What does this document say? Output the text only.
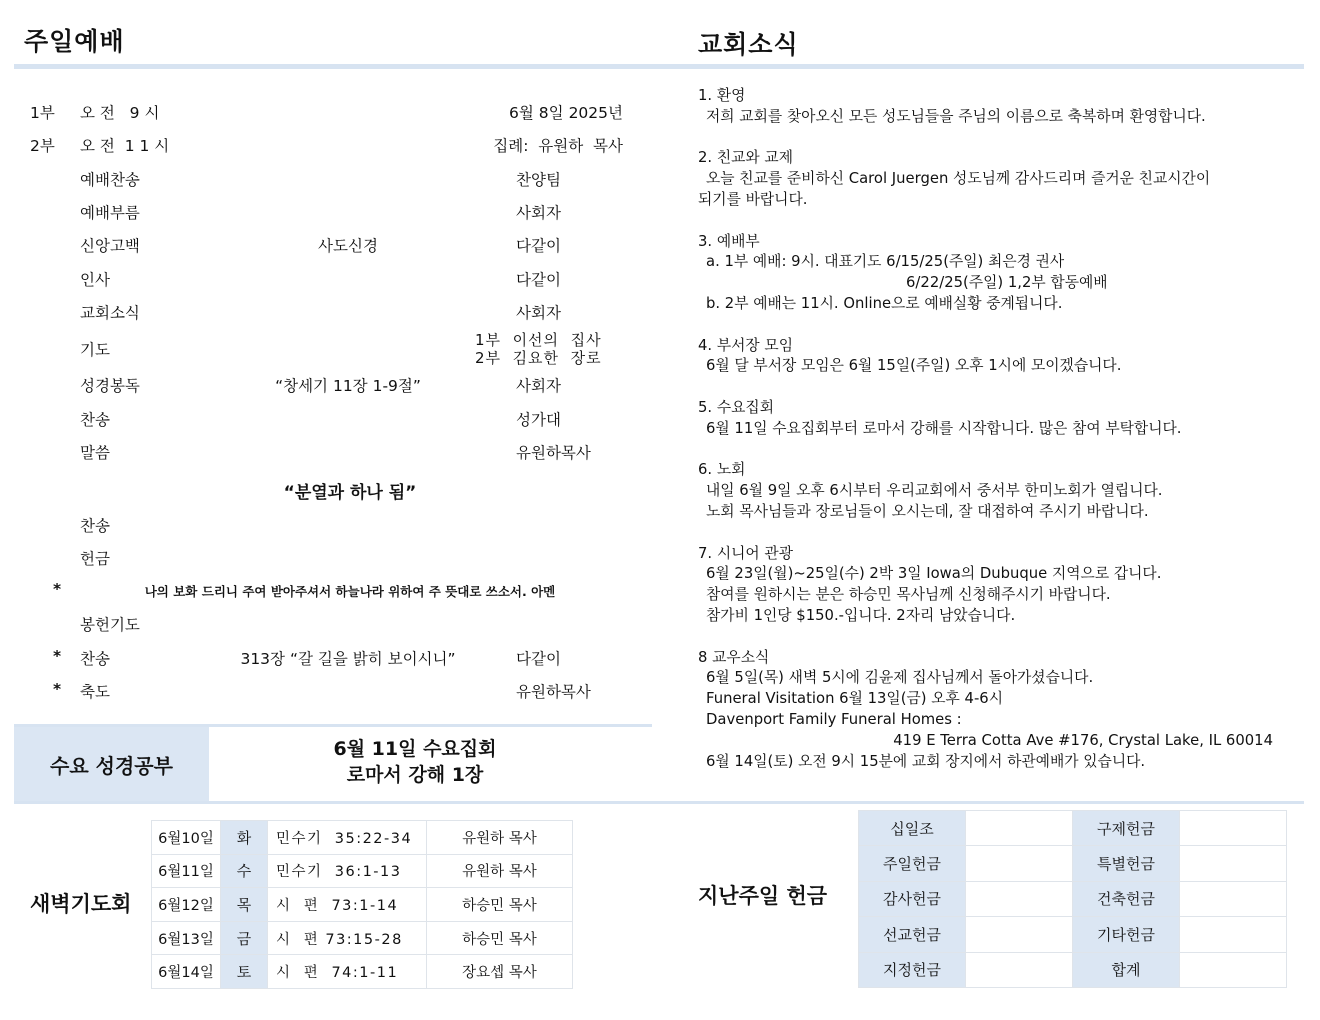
주일예배	교회소식
1부 오 전   9 시	6월 8일 2025년
2부 오 전  1 1 시	집례:  유원하  목사
예배찬송	찬양팀
예배부름	사회자
신앙고백	사도신경	다같이
인사	다같이
교회소식	사회자
기도
1부  이선의  집사
2부  김요한  장로
성경봉독	“창세기 11장 1-9절”	사회자
찬송	성가대
말씀	유원하목사
“분열과 하나 됨”
찬송
헌금
*	나의 보화 드리니 주여 받아주셔서 하늘나라 위하여 주 뜻대로 쓰소서. 아멘
봉헌기도
* 찬송	313장 “갈 길을 밝히 보이시니”	다같이
* 축도	유원하목사
수요 성경공부
6월 11일 수요집회
로마서 강해 1장
1. 환영
저희 교회를 찾아오신 모든 성도님들을 주님의 이름으로 축복하며 환영합니다.
2. 친교와 교제
오늘 친교를 준비하신 Carol Juergen 성도님께 감사드리며 즐거운 친교시간이
되기를 바랍니다.
3. 예배부
a. 1부 예배: 9시. 대표기도 6/15/25(주일) 최은경 권사
6/22/25(주일) 1,2부 합동예배
b. 2부 예배는 11시. Online으로 예배실황 중계됩니다.
4. 부서장 모임
6월 달 부서장 모임은 6월 15일(주일) 오후 1시에 모이겠습니다.
5. 수요집회
6월 11일 수요집회부터 로마서 강해를 시작합니다. 많은 참여 부탁합니다.
6. 노회
내일 6월 9일 오후 6시부터 우리교회에서 중서부 한미노회가 열립니다.
노회 목사님들과 장로님들이 오시는데, 잘 대접하여 주시기 바랍니다.
7. 시니어 관광
6월 23일(월)~25일(수) 2박 3일 Iowa의 Dubuque 지역으로 갑니다.
참여를 원하시는 분은 하승민 목사님께 신청해주시기 바랍니다.
참가비 1인당 $150.-입니다. 2자리 남았습니다.
8 교우소식
6월 5일(목) 새벽 5시에 김윤제 집사님께서 돌아가셨습니다.
Funeral Visitation 6월 13일(금) 오후 4-6시
Davenport Family Funeral Homes :
419 E Terra Cotta Ave #176, Crystal Lake, IL 60014
6월 14일(토) 오전 9시 15분에 교회 장지에서 하관예배가 있습니다.
새벽기도회
6월10일	화	민수기  35:22-34	유원하 목사
6월11일	수	민수기  36:1-13	유원하 목사
6월12일	목	시  편  73:1-14	하승민 목사
6월13일	금	시  편 73:15-28	하승민 목사
6월14일	토	시  편  74:1-11	장요셉 목사
지난주일 헌금
십일조		구제헌금	
주일헌금		특별헌금	
감사헌금		건축헌금	
선교헌금		기타헌금	
지정헌금		합계	
